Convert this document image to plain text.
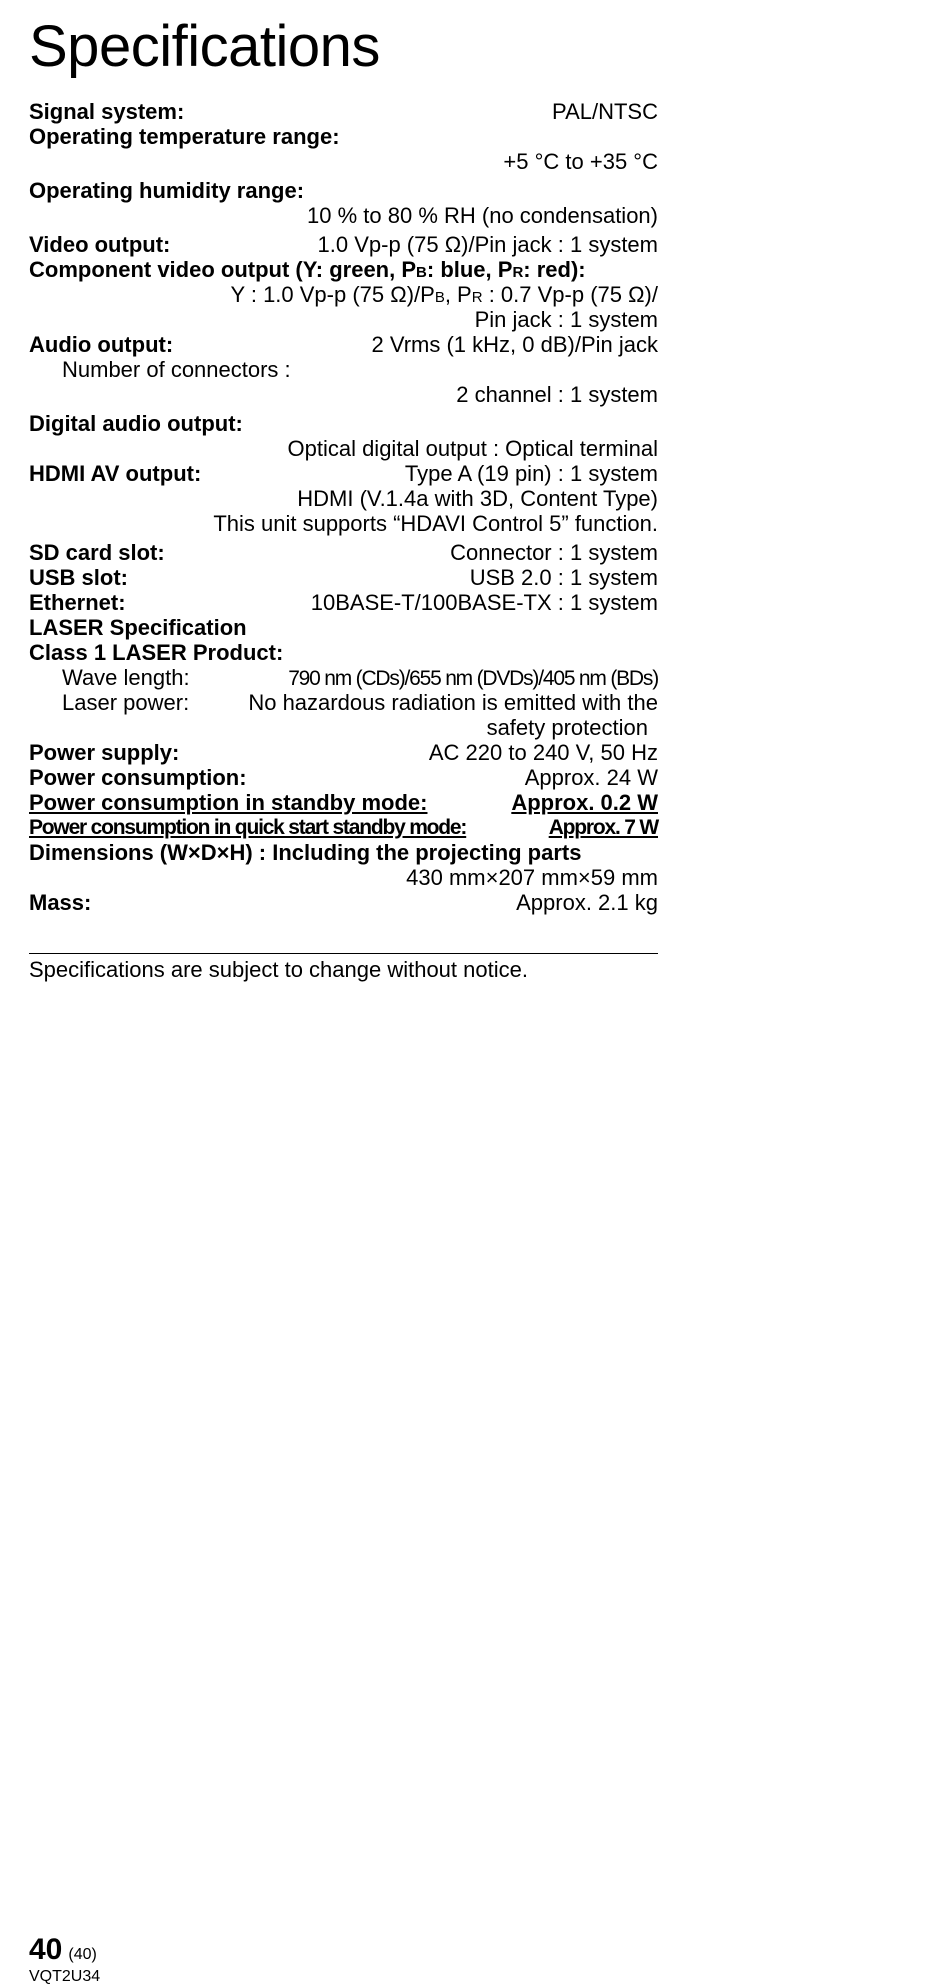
Specifications
Signal system:	PAL/NTSC
Operating temperature range:
+5 °C to +35 °C
Operating humidity range:
10 % to 80 % RH (no condensation)
Video output:	1.0 Vp-p (75 Ω)/Pin jack : 1 system
Component video output (Y: green, PB: blue, PR: red):
Y : 1.0 Vp-p (75 Ω)/PB, PR : 0.7 Vp-p (75 Ω)/
Pin jack : 1 system
Audio output:	2 Vrms (1 kHz, 0 dB)/Pin jack
Number of connectors :
2 channel : 1 system
Digital audio output:
Optical digital output : Optical terminal
HDMI AV output:	Type A (19 pin) : 1 system
HDMI (V.1.4a with 3D, Content Type)
This unit supports “HDAVI Control 5” function.
SD card slot:	Connector : 1 system
USB slot:	USB 2.0 : 1 system
Ethernet:	10BASE-T/100BASE-TX : 1 system
LASER Specification
Class 1 LASER Product:
Wave length:	790 nm (CDs)/655 nm (DVDs)/405 nm (BDs)
Laser power:	No hazardous radiation is emitted with the
safety protection
Power supply:	AC 220 to 240 V, 50 Hz
Power consumption:	Approx. 24 W
Power consumption in standby mode:	Approx. 0.2 W
Power consumption in quick start standby mode:	Approx. 7 W
Dimensions (W×D×H) : Including the projecting parts
430 mm×207 mm×59 mm
Mass:	Approx. 2.1 kg
Specifications are subject to change without notice.
40 (40)
VQT2U34
